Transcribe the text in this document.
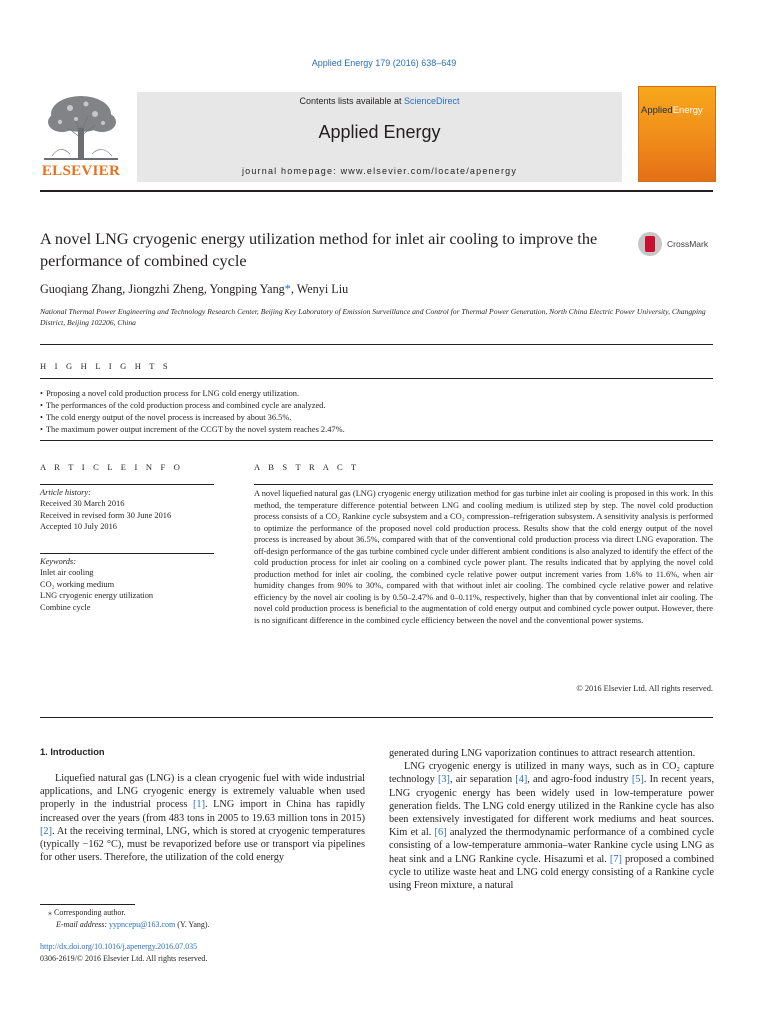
Applied Energy 179 (2016) 638–649
ELSEVIER
Contents lists available at ScienceDirect
Applied Energy
journal homepage: www.elsevier.com/locate/apenergy
AppliedEnergy
A novel LNG cryogenic energy utilization method for inlet air cooling to improve the performance of combined cycle
CrossMark
Guoqiang Zhang, Jiongzhi Zheng, Yongping Yang*, Wenyi Liu
National Thermal Power Engineering and Technology Research Center, Beijing Key Laboratory of Emission Surveillance and Control for Thermal Power Generation, North China Electric Power University, Changping District, Beijing 102206, China
H I G H L I G H T S
• Proposing a novel cold production process for LNG cold energy utilization.
• The performances of the cold production process and combined cycle are analyzed.
• The cold energy output of the novel process is increased by about 36.5%.
• The maximum power output increment of the CCGT by the novel system reaches 2.47%.
A R T I C L E I N F O
Article history:
Received 30 March 2016
Received in revised form 30 June 2016
Accepted 10 July 2016
Keywords:
Inlet air cooling
CO₂ working medium
LNG cryogenic energy utilization
Combine cycle
A B S T R A C T
A novel liquefied natural gas (LNG) cryogenic energy utilization method for gas turbine inlet air cooling is proposed in this work. In this method, the temperature difference potential between LNG and cooling medium is utilized step by step. The novel cold production process consists of a CO₂ Rankine cycle subsystem and a CO₂ compression–refrigeration subsystem. A sensitivity analysis is performed to optimize the performance of the proposed novel cold production process. Results show that the cold energy output of the novel process is increased by about 36.5%, compared with that of the conventional cold production process via direct LNG evaporation. The off-design performance of the gas turbine combined cycle under different ambient conditions is also analyzed to identify the effect of the cold production process for inlet air cooling on a combined cycle power plant. The results indicated that by applying the novel cold production method for inlet air cooling, the combined cycle relative power output increment varies from 1.6% to 11.6%, when air humidity changes from 90% to 30%, compared with that without inlet air cooling. The combined cycle relative power and relative efficiency by the novel air cooling is by 0.50–2.47% and 0–0.11%, respectively, higher than that by conventional inlet air cooling. The novel cold production process is beneficial to the augmentation of cold energy output and combined cycle power output. However, there is no significant difference in the combined cycle efficiency between the novel and the conventional power systems.
© 2016 Elsevier Ltd. All rights reserved.
1. Introduction

Liquefied natural gas (LNG) is a clean cryogenic fuel with wide industrial applications, and LNG cryogenic energy is extremely valuable when used properly in the industrial process [1]. LNG import in China has rapidly increased over the years (from 483 tons in 2005 to 19.63 million tons in 2015) [2]. At the receiving terminal, LNG, which is stored at cryogenic temperatures (typically −162 °C), must be revaporized before use or transport via pipelines for other users. Therefore, the utilization of the cold energy

generated during LNG vaporization continues to attract research attention.

LNG cryogenic energy is utilized in many ways, such as in CO₂ capture technology [3], air separation [4], and agro-food industry [5]. In recent years, LNG cryogenic energy has been widely used in low-temperature power generation fields. The LNG cold energy utilized in the Rankine cycle has also been extensively investigated for different work mediums and heat sources. Kim et al. [6] analyzed the thermodynamic performance of a combined cycle consisting of a low-temperature ammonia–water Rankine cycle using LNG as heat sink and a LNG Rankine cycle. Hisazumi et al. [7] proposed a combined cycle to utilize waste heat and LNG cold energy consisting of a Rankine cycle using Freon mixture, a natural

⁎ Corresponding author.
E-mail address: yypncepu@163.com (Y. Yang).
http://dx.doi.org/10.1016/j.apenergy.2016.07.035
0306-2619/© 2016 Elsevier Ltd. All rights reserved.
